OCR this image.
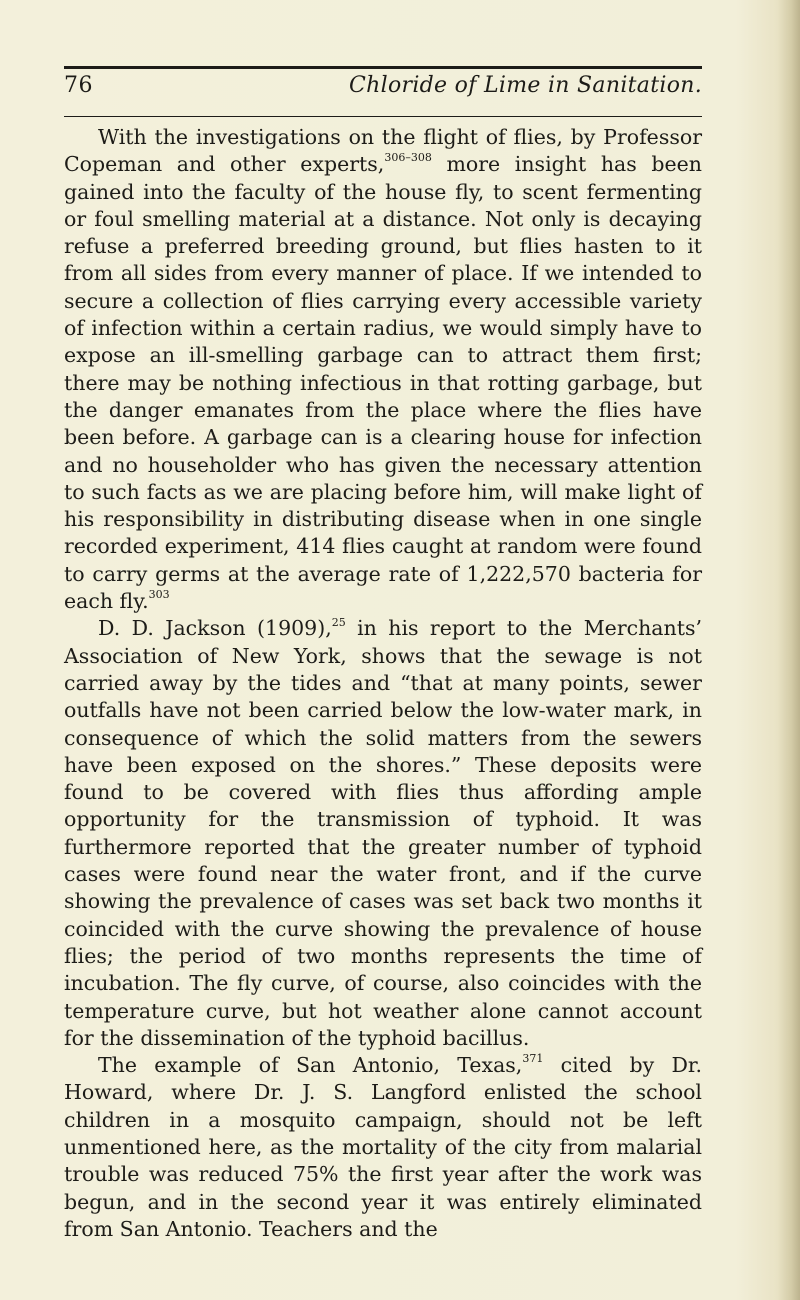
76	Chloride of Lime in Sanitation.

With the investigations on the flight of flies, by Professor Copeman and other experts,$^{306-308}$ more insight has been gained into the faculty of the house fly, to scent fermenting or foul smelling material at a distance. Not only is decaying refuse a preferred breeding ground, but flies hasten to it from all sides from every manner of place. If we intended to secure a collection of flies carrying every accessible variety of infection within a certain radius, we would simply have to expose an ill-smelling garbage can to attract them first; there may be nothing infectious in that rotting garbage, but the danger emanates from the place where the flies have been before. A garbage can is a clearing house for infection and no householder who has given the necessary attention to such facts as we are placing before him, will make light of his responsibility in distributing disease when in one single recorded experiment, 414 flies caught at random were found to carry germs at the average rate of 1,222,570 bacteria for each fly.$^{303}$

D. D. Jackson (1909),$^{25}$ in his report to the Merchants’ Association of New York, shows that the sewage is not carried away by the tides and “that at many points, sewer outfalls have not been carried below the low-water mark, in consequence of which the solid matters from the sewers have been exposed on the shores.” These deposits were found to be covered with flies thus affording ample opportunity for the transmission of typhoid. It was furthermore reported that the greater number of typhoid cases were found near the water front, and if the curve showing the prevalence of cases was set back two months it coincided with the curve showing the prevalence of house flies; the period of two months represents the time of incubation. The fly curve, of course, also coincides with the temperature curve, but hot weather alone cannot account for the dissemination of the typhoid bacillus.

The example of San Antonio, Texas,$^{371}$ cited by Dr. Howard, where Dr. J. S. Langford enlisted the school children in a mosquito campaign, should not be left unmentioned here, as the mortality of the city from malarial trouble was reduced 75% the first year after the work was begun, and in the second year it was entirely eliminated from San Antonio. Teachers and the
